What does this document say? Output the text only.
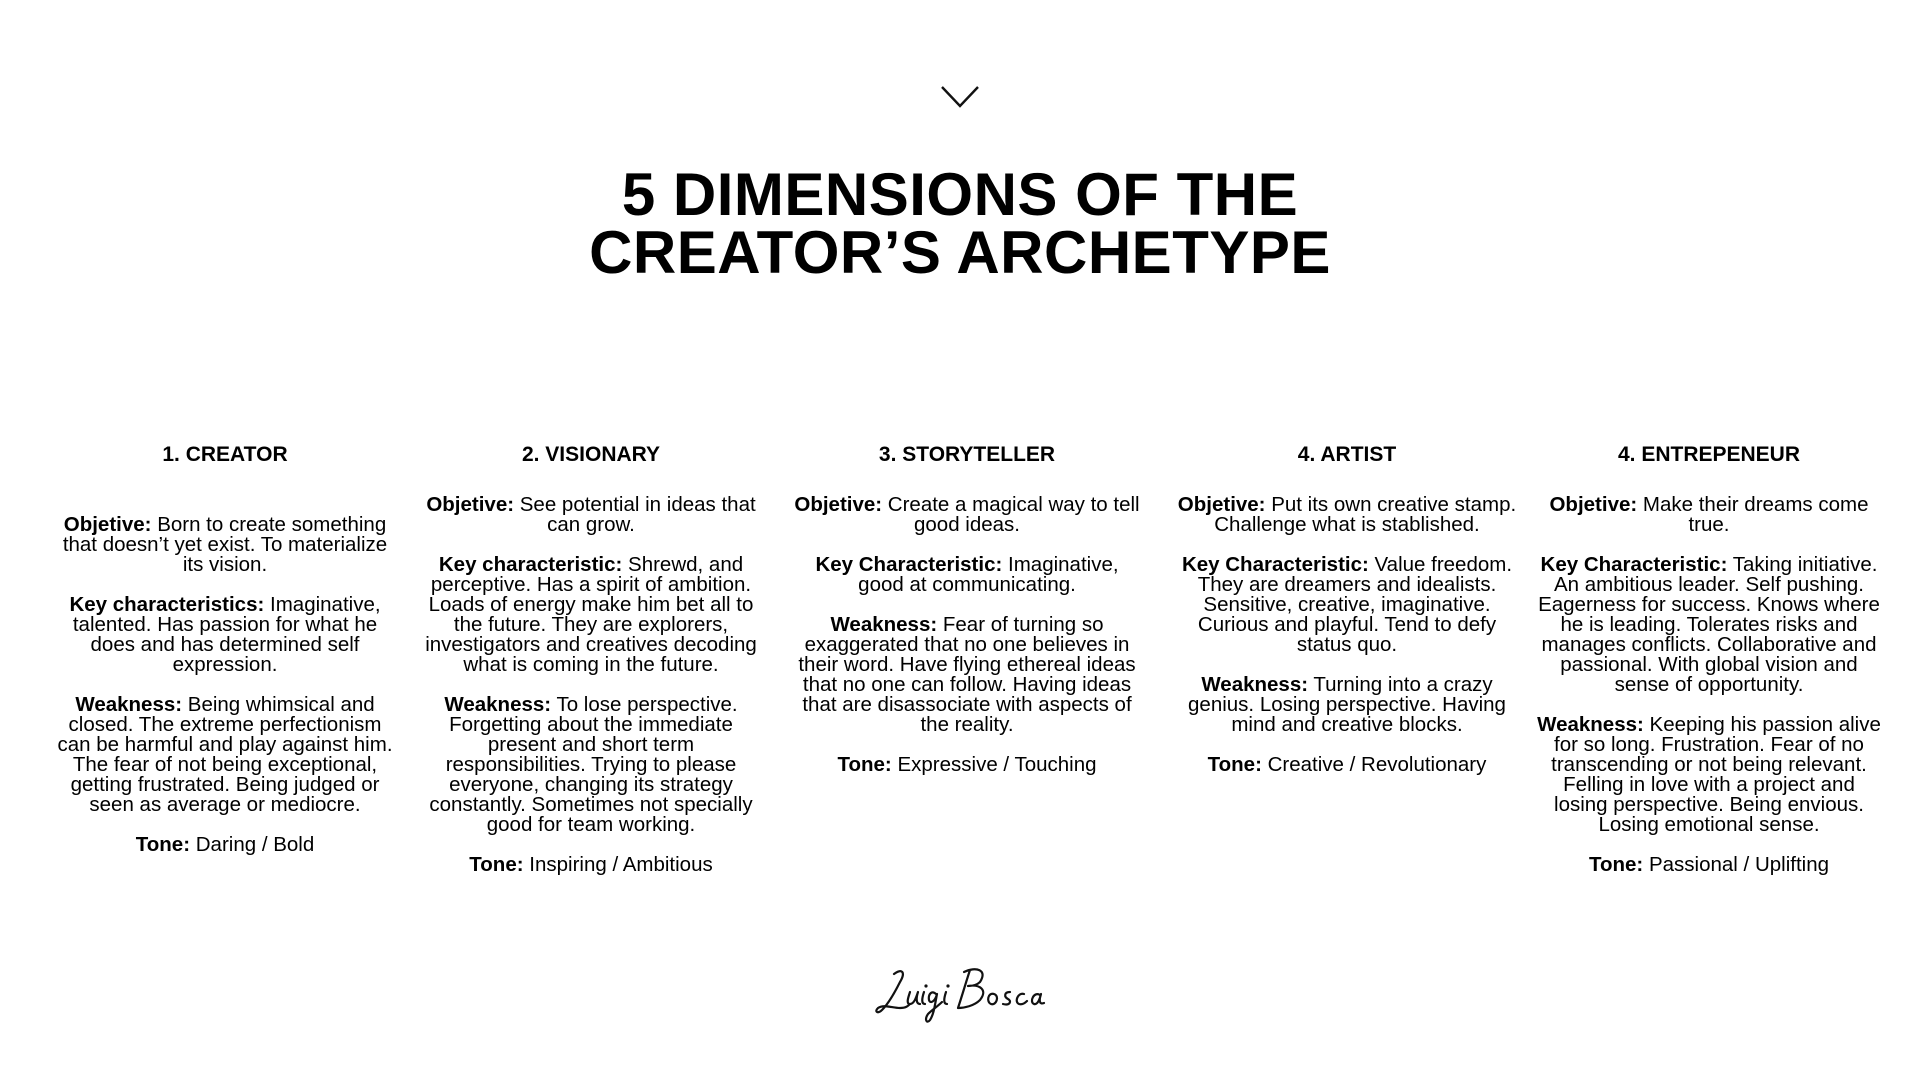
5 DIMENSIONS OF THE
CREATOR’S ARCHETYPE
1. CREATOR

Objetive: Born to create something that doesn’t yet exist. To materialize its vision.

Key characteristics: Imaginative, talented. Has passion for what he does and has determined self expression.

Weakness: Being whimsical and closed. The extreme perfectionism can be harmful and play against him. The fear of not being exceptional, getting frustrated. Being judged or seen as average or mediocre.

Tone: Daring / Bold

2. VISIONARY

Objetive: See potential in ideas that can grow.

Key characteristic: Shrewd, and perceptive. Has a spirit of ambition. Loads of energy make him bet all to the future. They are explorers, investigators and creatives decoding what is coming in the future.

Weakness: To lose perspective. Forgetting about the immediate present and short term responsibilities. Trying to please everyone, changing its strategy constantly. Sometimes not specially good for team working.

Tone: Inspiring / Ambitious

3. STORYTELLER

Objetive: Create a magical way to tell good ideas.

Key Characteristic: Imaginative, good at communicating.

Weakness: Fear of turning so exaggerated that no one believes in their word. Have flying ethereal ideas that no one can follow. Having ideas that are disassociate with aspects of the reality.

Tone: Expressive / Touching

4. ARTIST

Objetive: Put its own creative stamp. Challenge what is stablished.

Key Characteristic: Value freedom. They are dreamers and idealists. Sensitive, creative, imaginative. Curious and playful. Tend to defy status quo.

Weakness: Turning into a crazy genius. Losing perspective. Having mind and creative blocks.

Tone: Creative / Revolutionary

4. ENTREPENEUR

Objetive: Make their dreams come true.

Key Characteristic: Taking initiative. An ambitious leader. Self pushing. Eagerness for success. Knows where he is leading. Tolerates risks and manages conflicts. Collaborative and passional. With global vision and sense of opportunity.

Weakness: Keeping his passion alive for so long. Frustration. Fear of no transcending or not being relevant. Felling in love with a project and losing perspective. Being envious. Losing emotional sense.

Tone: Passional / Uplifting
